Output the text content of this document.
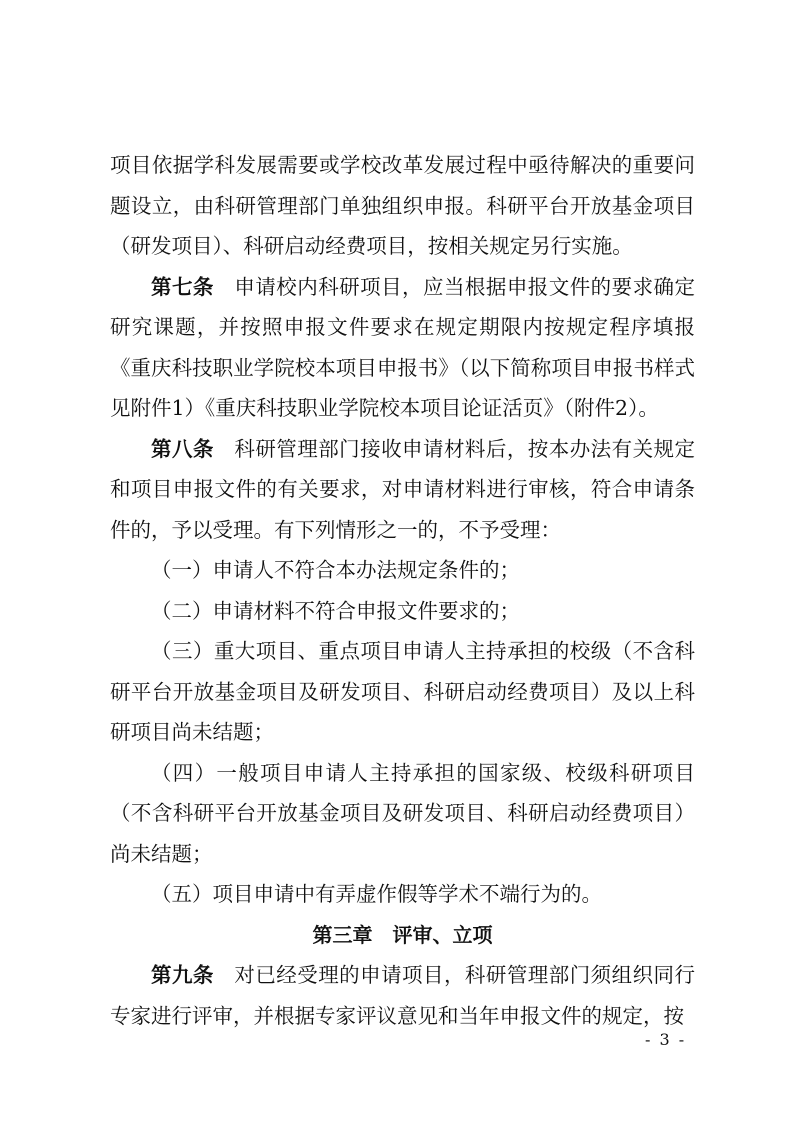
项目依据学科发展需要或学校改革发展过程中亟待解决的重要问题设立，由科研管理部门单独组织申报。科研平台开放基金项目（研发项目）、科研启动经费项目，按相关规定另行实施。

第七条 申请校内科研项目，应当根据申报文件的要求确定研究课题，并按照申报文件要求在规定期限内按规定程序填报《重庆科技职业学院校本项目申报书》（以下简称项目申报书样式见附件1）《重庆科技职业学院校本项目论证活页》（附件2）。

第八条 科研管理部门接收申请材料后，按本办法有关规定和项目申报文件的有关要求，对申请材料进行审核，符合申请条件的，予以受理。有下列情形之一的，不予受理：

（一）申请人不符合本办法规定条件的；

（二）申请材料不符合申报文件要求的；

（三）重大项目、重点项目申请人主持承担的校级（不含科研平台开放基金项目及研发项目、科研启动经费项目）及以上科研项目尚未结题；

（四）一般项目申请人主持承担的国家级、校级科研项目（不含科研平台开放基金项目及研发项目、科研启动经费项目）尚未结题；

（五）项目申请中有弄虚作假等学术不端行为的。

第三章 评审、立项

第九条 对已经受理的申请项目，科研管理部门须组织同行专家进行评审，并根据专家评议意见和当年申报文件的规定，按

- 3 -
